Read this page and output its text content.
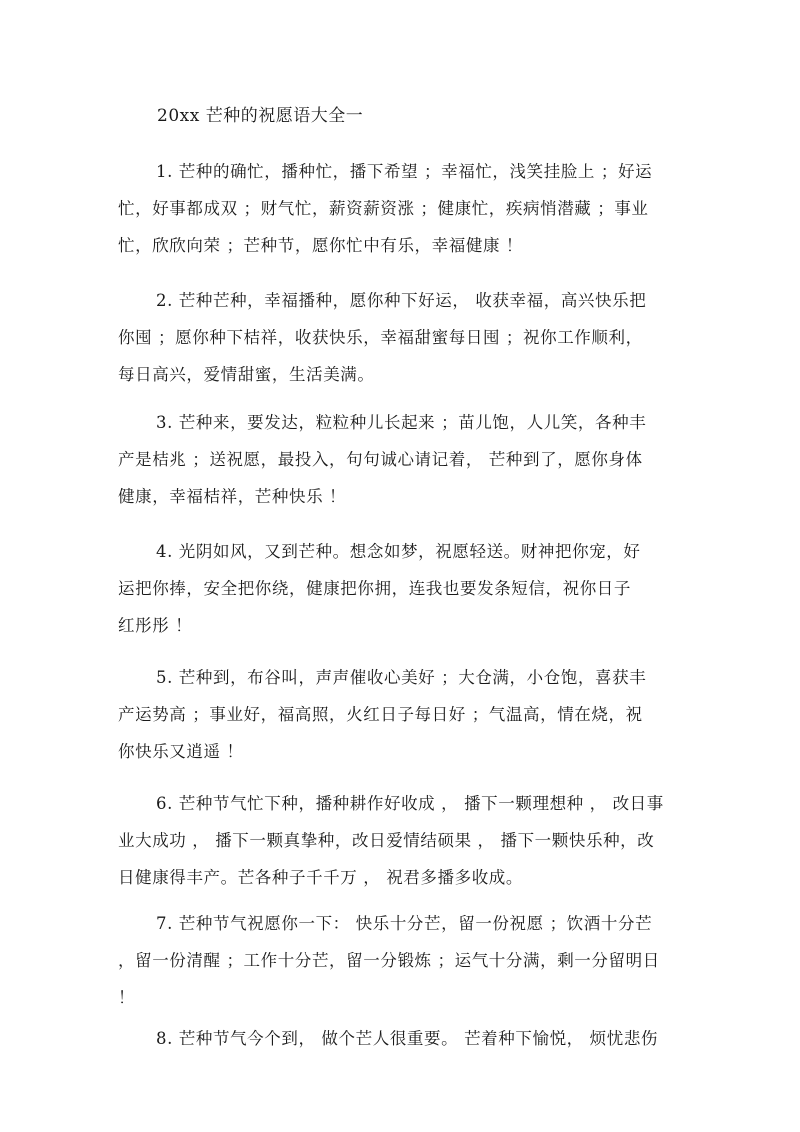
20xx 芒种的祝愿语大全一
1. 芒种的确忙，播种忙，播下希望 ；幸福忙，浅笑挂脸上 ；好运
忙，好事都成双 ；财气忙，薪资薪资涨 ；健康忙，疾病悄潜藏 ；事业
忙，欣欣向荣 ；芒种节，愿你忙中有乐，幸福健康 ！
2. 芒种芒种，幸福播种，愿你种下好运， 收获幸福，高兴快乐把
你囤 ；愿你种下桔祥，收获快乐，幸福甜蜜每日囤 ；祝你工作顺利，
每日高兴，爱情甜蜜，生活美满。
3. 芒种来，要发达，粒粒种儿长起来 ；苗儿饱，人儿笑，各种丰
产是桔兆 ；送祝愿，最投入，句句诚心请记着， 芒种到了，愿你身体
健康，幸福桔祥，芒种快乐 ！
4. 光阴如风，又到芒种。想念如梦，祝愿轻送。财神把你宠，好
运把你捧，安全把你绕，健康把你拥，连我也要发条短信，祝你日子
红彤彤 ！
5. 芒种到，布谷叫，声声催收心美好 ；大仓满，小仓饱，喜获丰
产运势高 ；事业好，福高照，火红日子每日好 ；气温高，情在烧，祝
你快乐又逍遥 ！
6. 芒种节气忙下种，播种耕作好收成 ， 播下一颗理想种 ， 改日事
业大成功 ， 播下一颗真挚种，改日爱情结硕果 ， 播下一颗快乐种，改
日健康得丰产。芒各种子千千万 ， 祝君多播多收成。
7. 芒种节气祝愿你一下： 快乐十分芒，留一份祝愿 ；饮酒十分芒
，留一份清醒 ；工作十分芒，留一分锻炼 ；运气十分满，剩一分留明日
！
8. 芒种节气今个到， 做个芒人很重要。 芒着种下愉悦， 烦忧悲伤
